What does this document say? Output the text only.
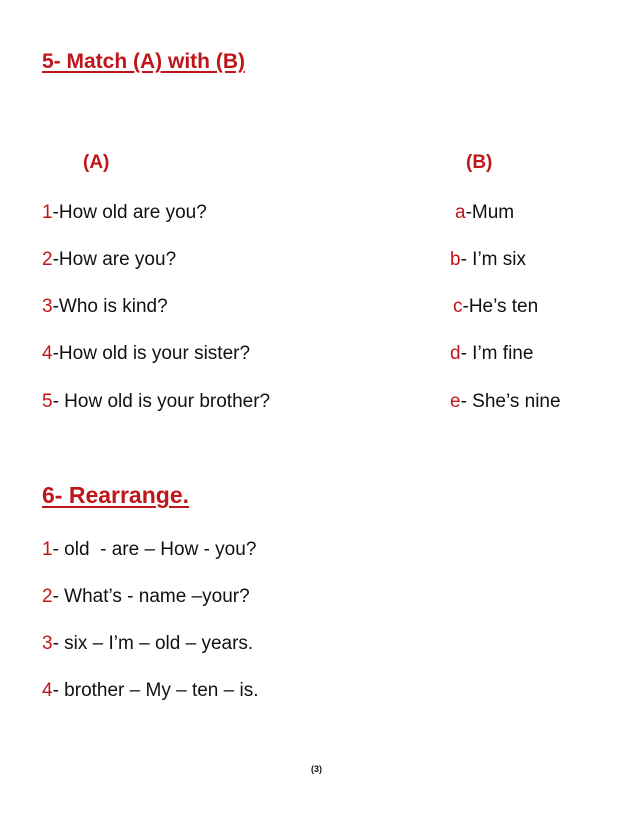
5- Match (A) with (B)
(A)	(B)
1-How old are you?
2-How are you?
3-Who is kind?
4-How old is your sister?
5- How old is your brother?
a-Mum
b- I’m six
c-He’s ten
d- I’m fine
e- She’s nine
6- Rearrange.
1- old  - are – How - you?
2- What’s - name –your?
3- six – I’m – old – years.
4- brother – My – ten – is.
(3)
